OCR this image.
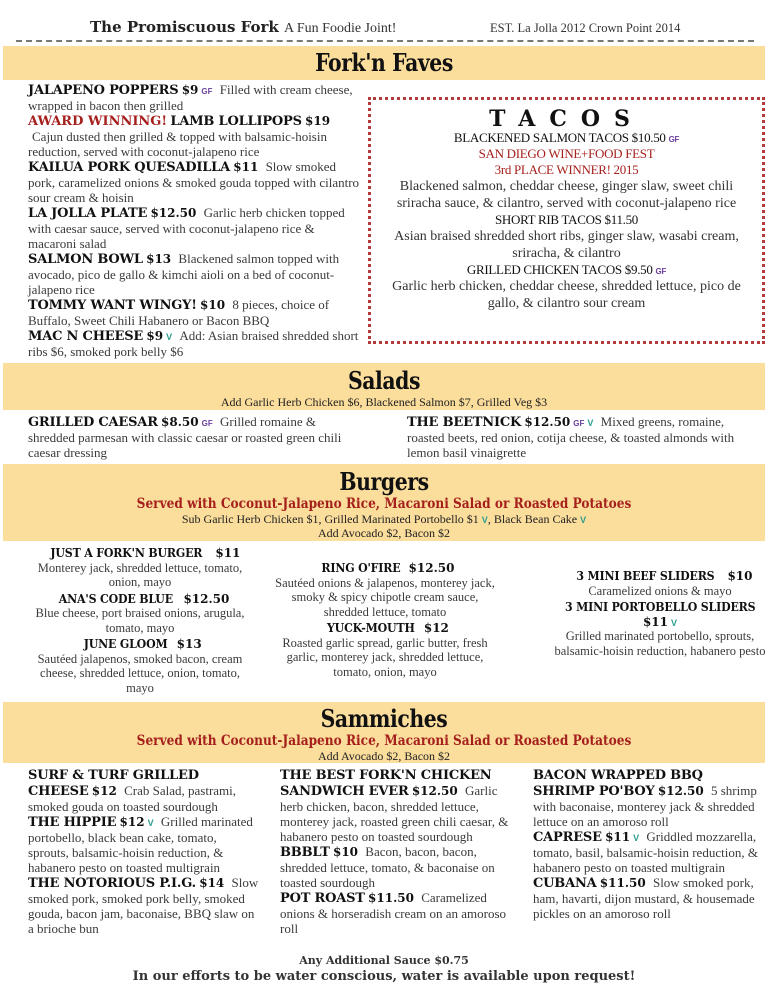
The Promiscuous Fork A Fun Foodie Joint!	EST. La Jolla 2012 Crown Point 2014
Fork'n Faves
JALAPENO POPPERS $9 GF Filled with cream cheese, wrapped in bacon then grilled
AWARD WINNING! LAMB LOLLIPOPS $19 Cajun dusted then grilled & topped with balsamic-hoisin reduction, served with coconut-jalapeno rice
KAILUA PORK QUESADILLA $11 Slow smoked pork, caramelized onions & smoked gouda topped with cilantro sour cream & hoisin
LA JOLLA PLATE $12.50 Garlic herb chicken topped with caesar sauce, served with coconut-jalapeno rice & macaroni salad
SALMON BOWL $13 Blackened salmon topped with avocado, pico de gallo & kimchi aioli on a bed of coconut-jalapeno rice
TOMMY WANT WINGY! $10 8 pieces, choice of Buffalo, Sweet Chili Habanero or Bacon BBQ
MAC N CHEESE $9 V Add: Asian braised shredded short ribs $6, smoked pork belly $6
TACOS
BLACKENED SALMON TACOS $10.50 GF
SAN DIEGO WINE+FOOD FEST
3rd PLACE WINNER! 2015
Blackened salmon, cheddar cheese, ginger slaw, sweet chili sriracha sauce, & cilantro, served with coconut-jalapeno rice
SHORT RIB TACOS $11.50
Asian braised shredded short ribs, ginger slaw, wasabi cream, sriracha, & cilantro
GRILLED CHICKEN TACOS $9.50 GF
Garlic herb chicken, cheddar cheese, shredded lettuce, pico de gallo, & cilantro sour cream
Salads
Add Garlic Herb Chicken $6, Blackened Salmon $7, Grilled Veg $3
GRILLED CAESAR $8.50 GF Grilled romaine & shredded parmesan with classic caesar or roasted green chili caesar dressing
THE BEETNICK $12.50 GF V Mixed greens, romaine, roasted beets, red onion, cotija cheese, & toasted almonds with lemon basil vinaigrette
Burgers
Served with Coconut-Jalapeno Rice, Macaroni Salad or Roasted Potatoes
Sub Garlic Herb Chicken $1, Grilled Marinated Portobello $1 V, Black Bean Cake V
Add Avocado $2, Bacon $2
JUST A FORK'N BURGER $11
Monterey jack, shredded lettuce, tomato, onion, mayo
ANA'S CODE BLUE $12.50
Blue cheese, port braised onions, arugula, tomato, mayo
JUNE GLOOM $13
Sautéed jalapenos, smoked bacon, cream cheese, shredded lettuce, onion, tomato, mayo
RING O'FIRE $12.50
Sautéed onions & jalapenos, monterey jack, smoky & spicy chipotle cream sauce, shredded lettuce, tomato
YUCK-MOUTH $12
Roasted garlic spread, garlic butter, fresh garlic, monterey jack, shredded lettuce, tomato, onion, mayo
3 MINI BEEF SLIDERS $10
Caramelized onions & mayo
3 MINI PORTOBELLO SLIDERS $11 V
Grilled marinated portobello, sprouts, balsamic-hoisin reduction, habanero pesto
Sammiches
Served with Coconut-Jalapeno Rice, Macaroni Salad or Roasted Potatoes
Add Avocado $2, Bacon $2
SURF & TURF GRILLED CHEESE $12 Crab Salad, pastrami, smoked gouda on toasted sourdough
THE HIPPIE $12 V Grilled marinated portobello, black bean cake, tomato, sprouts, balsamic-hoisin reduction, & habanero pesto on toasted multigrain
THE NOTORIOUS P.I.G. $14 Slow smoked pork, smoked pork belly, smoked gouda, bacon jam, baconaise, BBQ slaw on a brioche bun
THE BEST FORK'N CHICKEN SANDWICH EVER $12.50 Garlic herb chicken, bacon, shredded lettuce, monterey jack, roasted green chili caesar, & habanero pesto on toasted sourdough
BBBLT $10 Bacon, bacon, bacon, shredded lettuce, tomato, & baconaise on toasted sourdough
POT ROAST $11.50 Caramelized onions & horseradish cream on an amoroso roll
BACON WRAPPED BBQ SHRIMP PO'BOY $12.50 5 shrimp with baconaise, monterey jack & shredded lettuce on an amoroso roll
CAPRESE $11 V Griddled mozzarella, tomato, basil, balsamic-hoisin reduction, & habanero pesto on toasted multigrain
CUBANA $11.50 Slow smoked pork, ham, havarti, dijon mustard, & housemade pickles on an amoroso roll
Any Additional Sauce $0.75
In our efforts to be water conscious, water is available upon request!
